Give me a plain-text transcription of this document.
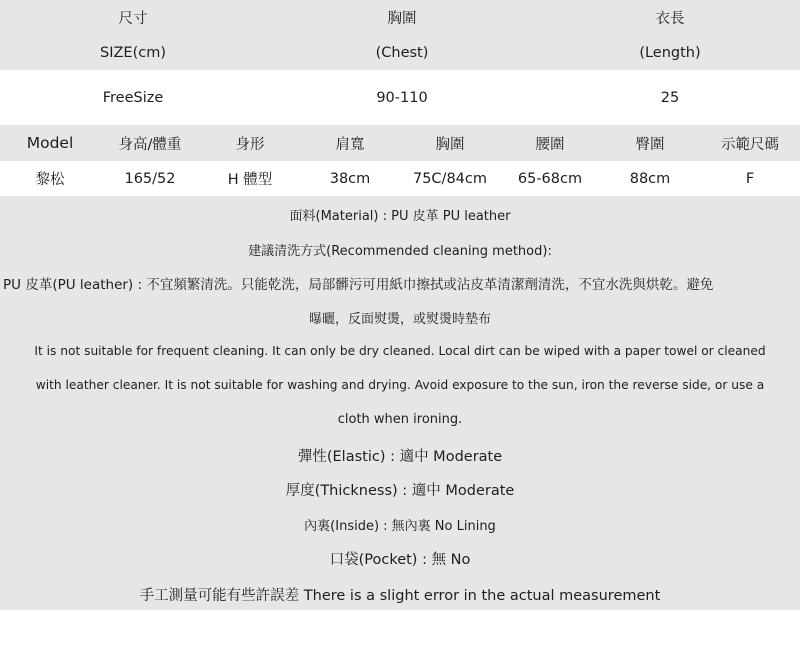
尺寸	胸圍	衣長
SIZE(cm)	(Chest)	(Length)
FreeSize	90-110	25
Model	身高/體重	身形	肩寬	胸圍	腰圍	臀圍	示範尺碼
黎松	165/52	H 體型	38cm	75C/84cm	65-68cm	88cm	F
面料(Material) : PU 皮革 PU leather
建議清洗方式(Recommended cleaning method):
PU 皮革(PU leather) : 不宜頻繁清洗。只能乾洗，局部髒污可用紙巾擦拭或沾皮革清潔劑清洗，不宜水洗與烘乾。避免
曝曬，反面熨燙，或熨燙時墊布
It is not suitable for frequent cleaning. It can only be dry cleaned. Local dirt can be wiped with a paper towel or cleaned
with leather cleaner. It is not suitable for washing and drying. Avoid exposure to the sun, iron the reverse side, or use a
cloth when ironing.
彈性(Elastic) : 適中 Moderate
厚度(Thickness) : 適中 Moderate
內裏(Inside) : 無內裏 No Lining
口袋(Pocket) : 無 No
手工測量可能有些許誤差 There is a slight error in the actual measurement
